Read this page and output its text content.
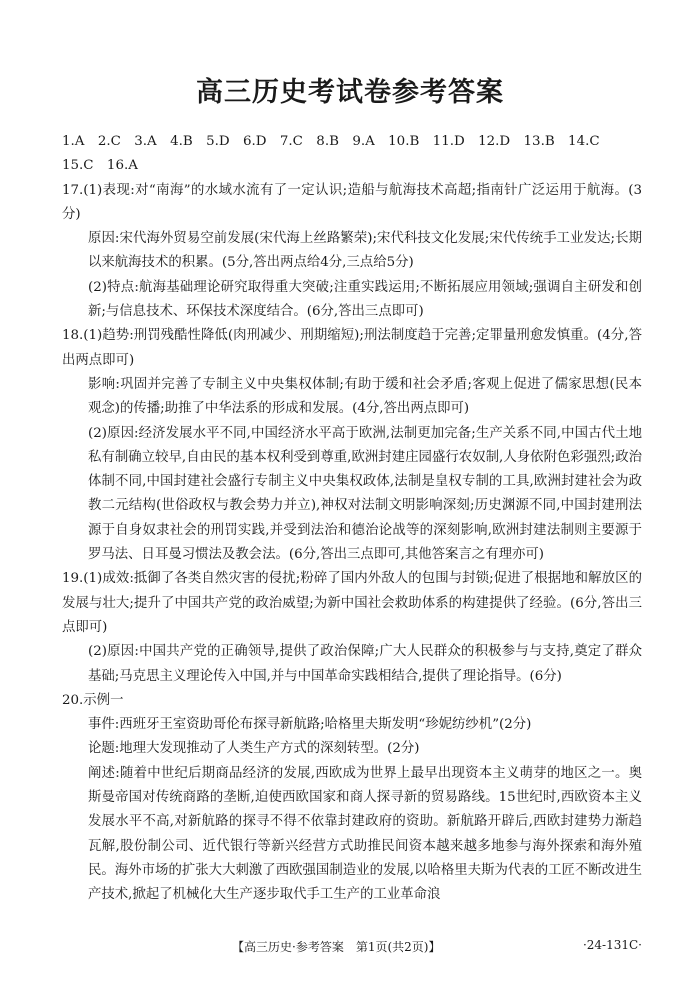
高三历史考试卷参考答案

1.A　2.C　3.A　4.B　5.D　6.D　7.C　8.B　9.A　10.B　11.D　12.D　13.B　14.C

15.C　16.A

17.(1)表现:对“南海”的水域水流有了一定认识;造船与航海技术高超;指南针广泛运用于航海。(3分)

原因:宋代海外贸易空前发展(宋代海上丝路繁荣);宋代科技文化发展;宋代传统手工业发达;长期以来航海技术的积累。(5分,答出两点给4分,三点给5分)

(2)特点:航海基础理论研究取得重大突破;注重实践运用;不断拓展应用领域;强调自主研发和创新;与信息技术、环保技术深度结合。(6分,答出三点即可)

18.(1)趋势:刑罚残酷性降低(肉刑减少、刑期缩短);刑法制度趋于完善;定罪量刑愈发慎重。(4分,答出两点即可)

影响:巩固并完善了专制主义中央集权体制;有助于缓和社会矛盾;客观上促进了儒家思想(民本观念)的传播;助推了中华法系的形成和发展。(4分,答出两点即可)

(2)原因:经济发展水平不同,中国经济水平高于欧洲,法制更加完备;生产关系不同,中国古代土地私有制确立较早,自由民的基本权利受到尊重,欧洲封建庄园盛行农奴制,人身依附色彩强烈;政治体制不同,中国封建社会盛行专制主义中央集权政体,法制是皇权专制的工具,欧洲封建社会为政教二元结构(世俗政权与教会势力并立),神权对法制文明影响深刻;历史渊源不同,中国封建刑法源于自身奴隶社会的刑罚实践,并受到法治和德治论战等的深刻影响,欧洲封建法制则主要源于罗马法、日耳曼习惯法及教会法。(6分,答出三点即可,其他答案言之有理亦可)

19.(1)成效:抵御了各类自然灾害的侵扰;粉碎了国内外敌人的包围与封锁;促进了根据地和解放区的发展与壮大;提升了中国共产党的政治威望;为新中国社会救助体系的构建提供了经验。(6分,答出三点即可)

(2)原因:中国共产党的正确领导,提供了政治保障;广大人民群众的积极参与与支持,奠定了群众基础;马克思主义理论传入中国,并与中国革命实践相结合,提供了理论指导。(6分)

20.示例一

事件:西班牙王室资助哥伦布探寻新航路;哈格里夫斯发明“珍妮纺纱机”(2分)

论题:地理大发现推动了人类生产方式的深刻转型。(2分)

阐述:随着中世纪后期商品经济的发展,西欧成为世界上最早出现资本主义萌芽的地区之一。奥斯曼帝国对传统商路的垄断,迫使西欧国家和商人探寻新的贸易路线。15世纪时,西欧资本主义发展水平不高,对新航路的探寻不得不依靠封建政府的资助。新航路开辟后,西欧封建势力渐趋瓦解,股份制公司、近代银行等新兴经营方式助推民间资本越来越多地参与海外探索和海外殖民。海外市场的扩张大大刺激了西欧强国制造业的发展,以哈格里夫斯为代表的工匠不断改进生产技术,掀起了机械化大生产逐步取代手工生产的工业革命浪

【高三历史·参考答案　第1页(共2页)】	·24-131C·
